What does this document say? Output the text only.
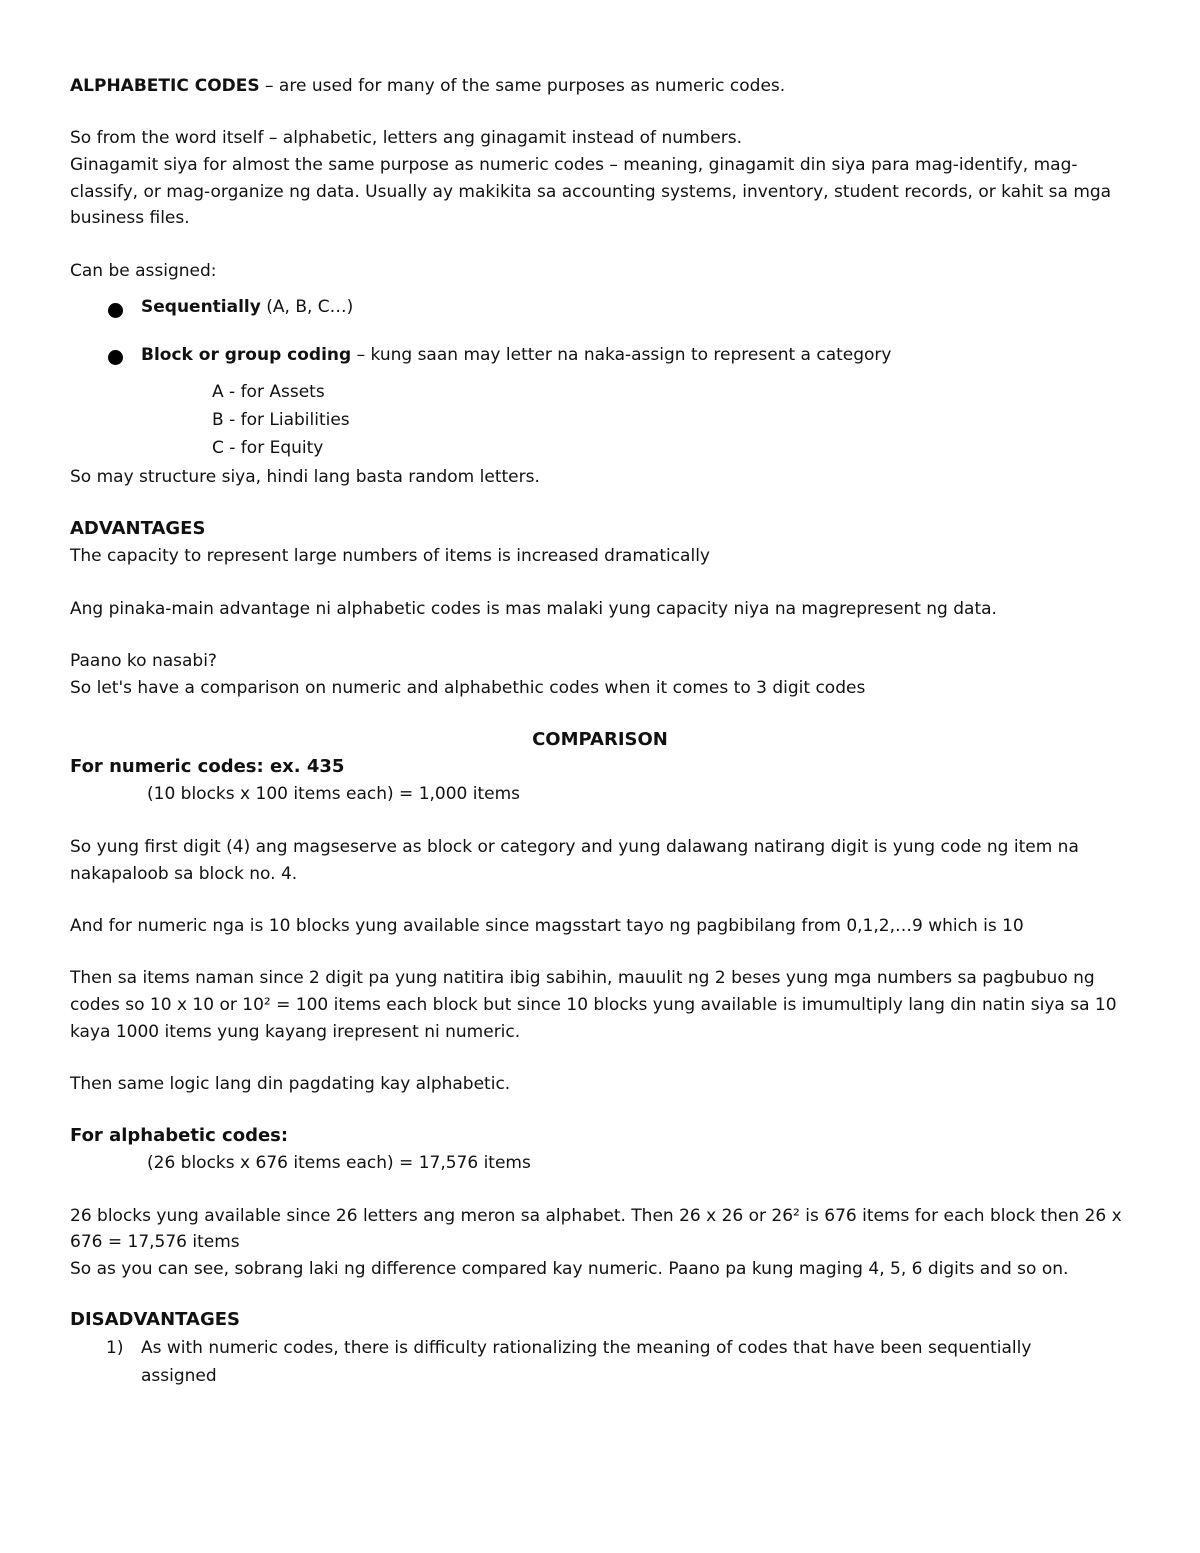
ALPHABETIC CODES – are used for many of the same purposes as numeric codes.
So from the word itself – alphabetic, letters ang ginagamit instead of numbers.
Ginagamit siya for almost the same purpose as numeric codes – meaning, ginagamit din siya para mag-identify, mag-
classify, or mag-organize ng data. Usually ay makikita sa accounting systems, inventory, student records, or kahit sa mga
business files.
Can be assigned:
Sequentially (A, B, C…)
Block or group coding – kung saan may letter na naka-assign to represent a category
A - for Assets
B - for Liabilities
C - for Equity
So may structure siya, hindi lang basta random letters.
ADVANTAGES
The capacity to represent large numbers of items is increased dramatically
Ang pinaka-main advantage ni alphabetic codes is mas malaki yung capacity niya na magrepresent ng data.
Paano ko nasabi?
So let's have a comparison on numeric and alphabethic codes when it comes to 3 digit codes
COMPARISON
For numeric codes: ex. 435
(10 blocks x 100 items each) = 1,000 items
So yung first digit (4) ang magseserve as block or category and yung dalawang natirang digit is yung code ng item na
nakapaloob sa block no. 4.
And for numeric nga is 10 blocks yung available since magsstart tayo ng pagbibilang from 0,1,2,…9 which is 10
Then sa items naman since 2 digit pa yung natitira ibig sabihin, mauulit ng 2 beses yung mga numbers sa pagbubuo ng
codes so 10 x 10 or 10² = 100 items each block but since 10 blocks yung available is imumultiply lang din natin siya sa 10
kaya 1000 items yung kayang irepresent ni numeric.
Then same logic lang din pagdating kay alphabetic.
For alphabetic codes:
(26 blocks x 676 items each) = 17,576 items
26 blocks yung available since 26 letters ang meron sa alphabet. Then 26 x 26 or 26² is 676 items for each block then 26 x
676 = 17,576 items
So as you can see, sobrang laki ng difference compared kay numeric. Paano pa kung maging 4, 5, 6 digits and so on.
DISADVANTAGES
1) As with numeric codes, there is difficulty rationalizing the meaning of codes that have been sequentially
assigned
